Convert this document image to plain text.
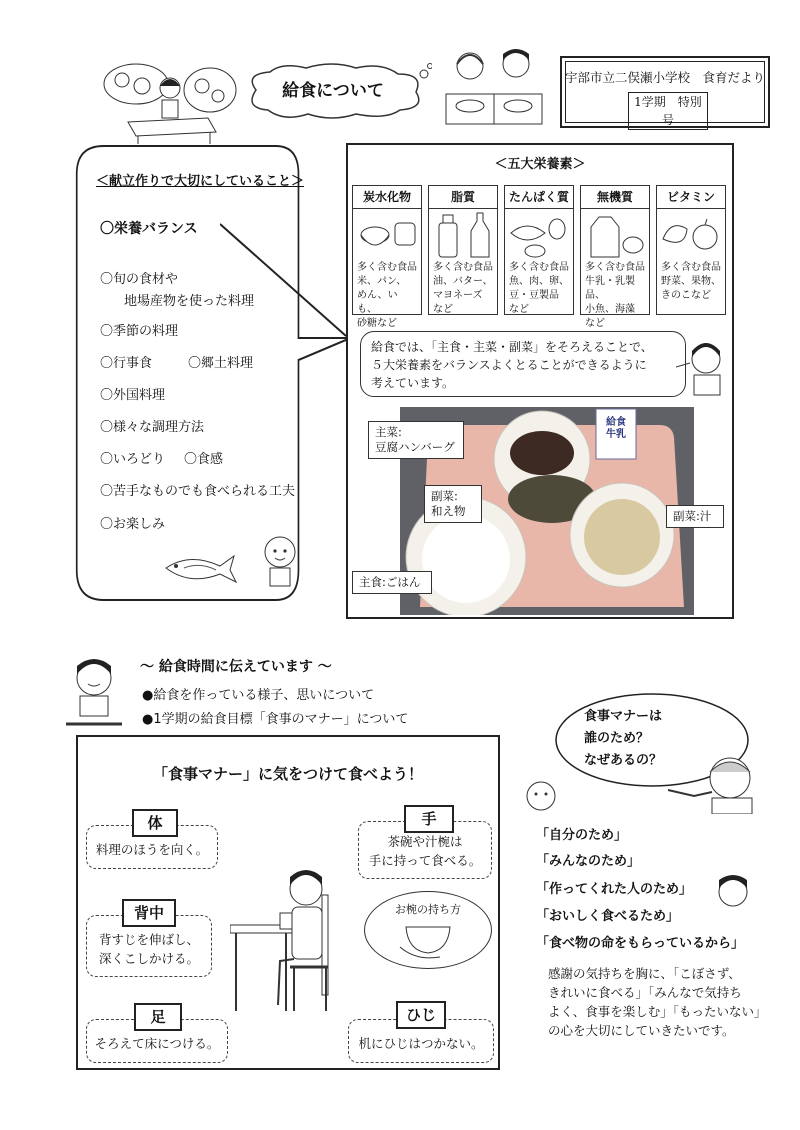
給食について
宇部市立二俣瀬小学校　食育だより
1学期　特別号
＜献立作りで大切にしていること＞
〇栄養バランス
〇旬の食材や
地場産物を使った料理
〇季節の料理
〇行事食	〇郷土料理
〇外国料理
〇様々な調理方法
〇いろどり 〇食感
〇苦手なものでも食べられる工夫
〇お楽しみ
＜五大栄養素＞
炭水化物
多く含む食品
米、パン、
めん、いも、
砂糖など
脂質
多く含む食品
油、バター、
マヨネーズ
など
たんぱく質
多く含む食品
魚、肉、卵、
豆・豆製品
など
無機質
多く含む食品
牛乳・乳製品、
小魚、海藻
など
ビタミン
多く含む食品
野菜、果物、
きのこなど
給食では、「主食・主菜・副菜」をそろえることで、
５大栄養素をバランスよくとることができるように
考えています。
給食
牛乳
主菜:
豆腐ハンバーグ
副菜:
和え物	副菜:汁
主食:ごはん
～ 給食時間に伝えています ～
●給食を作っている様子、思いについて
●1学期の給食目標「食事のマナー」について
「食事マナー」に気をつけて食べよう！
料理のほうを向く。
体
背すじを伸ばし、
深くこしかける。
背中
そろえて床につける。
足
茶碗や汁椀は
手に持って食べる。
手
お椀の持ち方
机にひじはつかない。
ひじ
食事マナーは
誰のため？
なぜあるの？
「自分のため」
「みんなのため」
「作ってくれた人のため」
「おいしく食べるため」
「食べ物の命をもらっているから」
感謝の気持ちを胸に、「こぼさず、
きれいに食べる」「みんなで気持ち
よく、食事を楽しむ」「もったいない」
の心を大切にしていきたいです。
